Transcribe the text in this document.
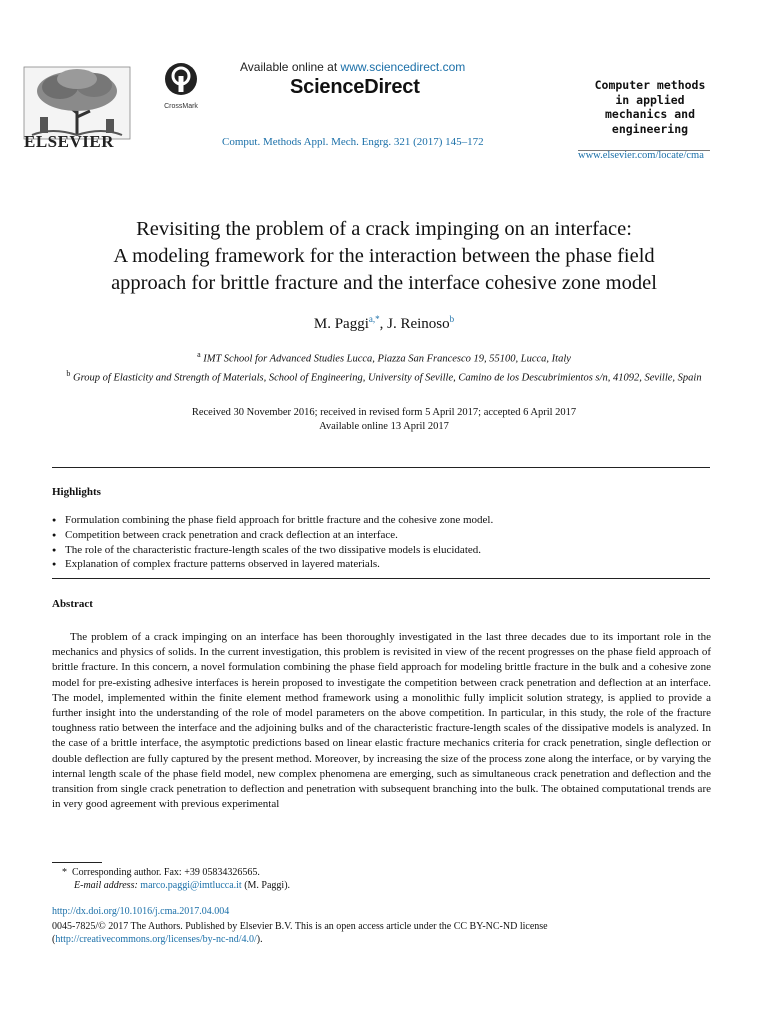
ELSEVIER
CrossMark
Available online at www.sciencedirect.com
ScienceDirect
Comput. Methods Appl. Mech. Engrg. 321 (2017) 145–172
Computer methods
in applied
mechanics and
engineering
www.elsevier.com/locate/cma
Revisiting the problem of a crack impinging on an interface:
A modeling framework for the interaction between the phase field
approach for brittle fracture and the interface cohesive zone model
M. Paggi$^{a,*}$, J. Reinoso$^b$
$^a$ IMT School for Advanced Studies Lucca, Piazza San Francesco 19, 55100, Lucca, Italy
$^b$ Group of Elasticity and Strength of Materials, School of Engineering, University of Seville, Camino de los Descubrimientos s/n, 41092, Seville, Spain
Received 30 November 2016; received in revised form 5 April 2017; accepted 6 April 2017
Available online 13 April 2017
Highlights
● Formulation combining the phase field approach for brittle fracture and the cohesive zone model.
● Competition between crack penetration and crack deflection at an interface.
● The role of the characteristic fracture-length scales of the two dissipative models is elucidated.
● Explanation of complex fracture patterns observed in layered materials.
Abstract
The problem of a crack impinging on an interface has been thoroughly investigated in the last three decades due to its important role in the mechanics and physics of solids. In the current investigation, this problem is revisited in view of the recent progresses on the phase field approach of brittle fracture. In this concern, a novel formulation combining the phase field approach for modeling brittle fracture in the bulk and a cohesive zone model for pre-existing adhesive interfaces is herein proposed to investigate the competition between crack penetration and deflection at an interface. The model, implemented within the finite element method framework using a monolithic fully implicit solution strategy, is applied to provide a further insight into the understanding of the role of model parameters on the above competition. In particular, in this study, the role of the fracture toughness ratio between the interface and the adjoining bulks and of the characteristic fracture-length scales of the dissipative models is analyzed. In the case of a brittle interface, the asymptotic predictions based on linear elastic fracture mechanics criteria for crack penetration, single deflection or double deflection are fully captured by the present method. Moreover, by increasing the size of the process zone along the interface, or by varying the internal length scale of the phase field model, new complex phenomena are emerging, such as simultaneous crack penetration and deflection and the transition from single crack penetration to deflection and penetration with subsequent branching into the bulk. The obtained computational trends are in very good agreement with previous experimental
* Corresponding author. Fax: +39 05834326565.
E-mail address: marco.paggi@imtlucca.it (M. Paggi).
http://dx.doi.org/10.1016/j.cma.2017.04.004
0045-7825/© 2017 The Authors. Published by Elsevier B.V. This is an open access article under the CC BY-NC-ND license
(http://creativecommons.org/licenses/by-nc-nd/4.0/).
